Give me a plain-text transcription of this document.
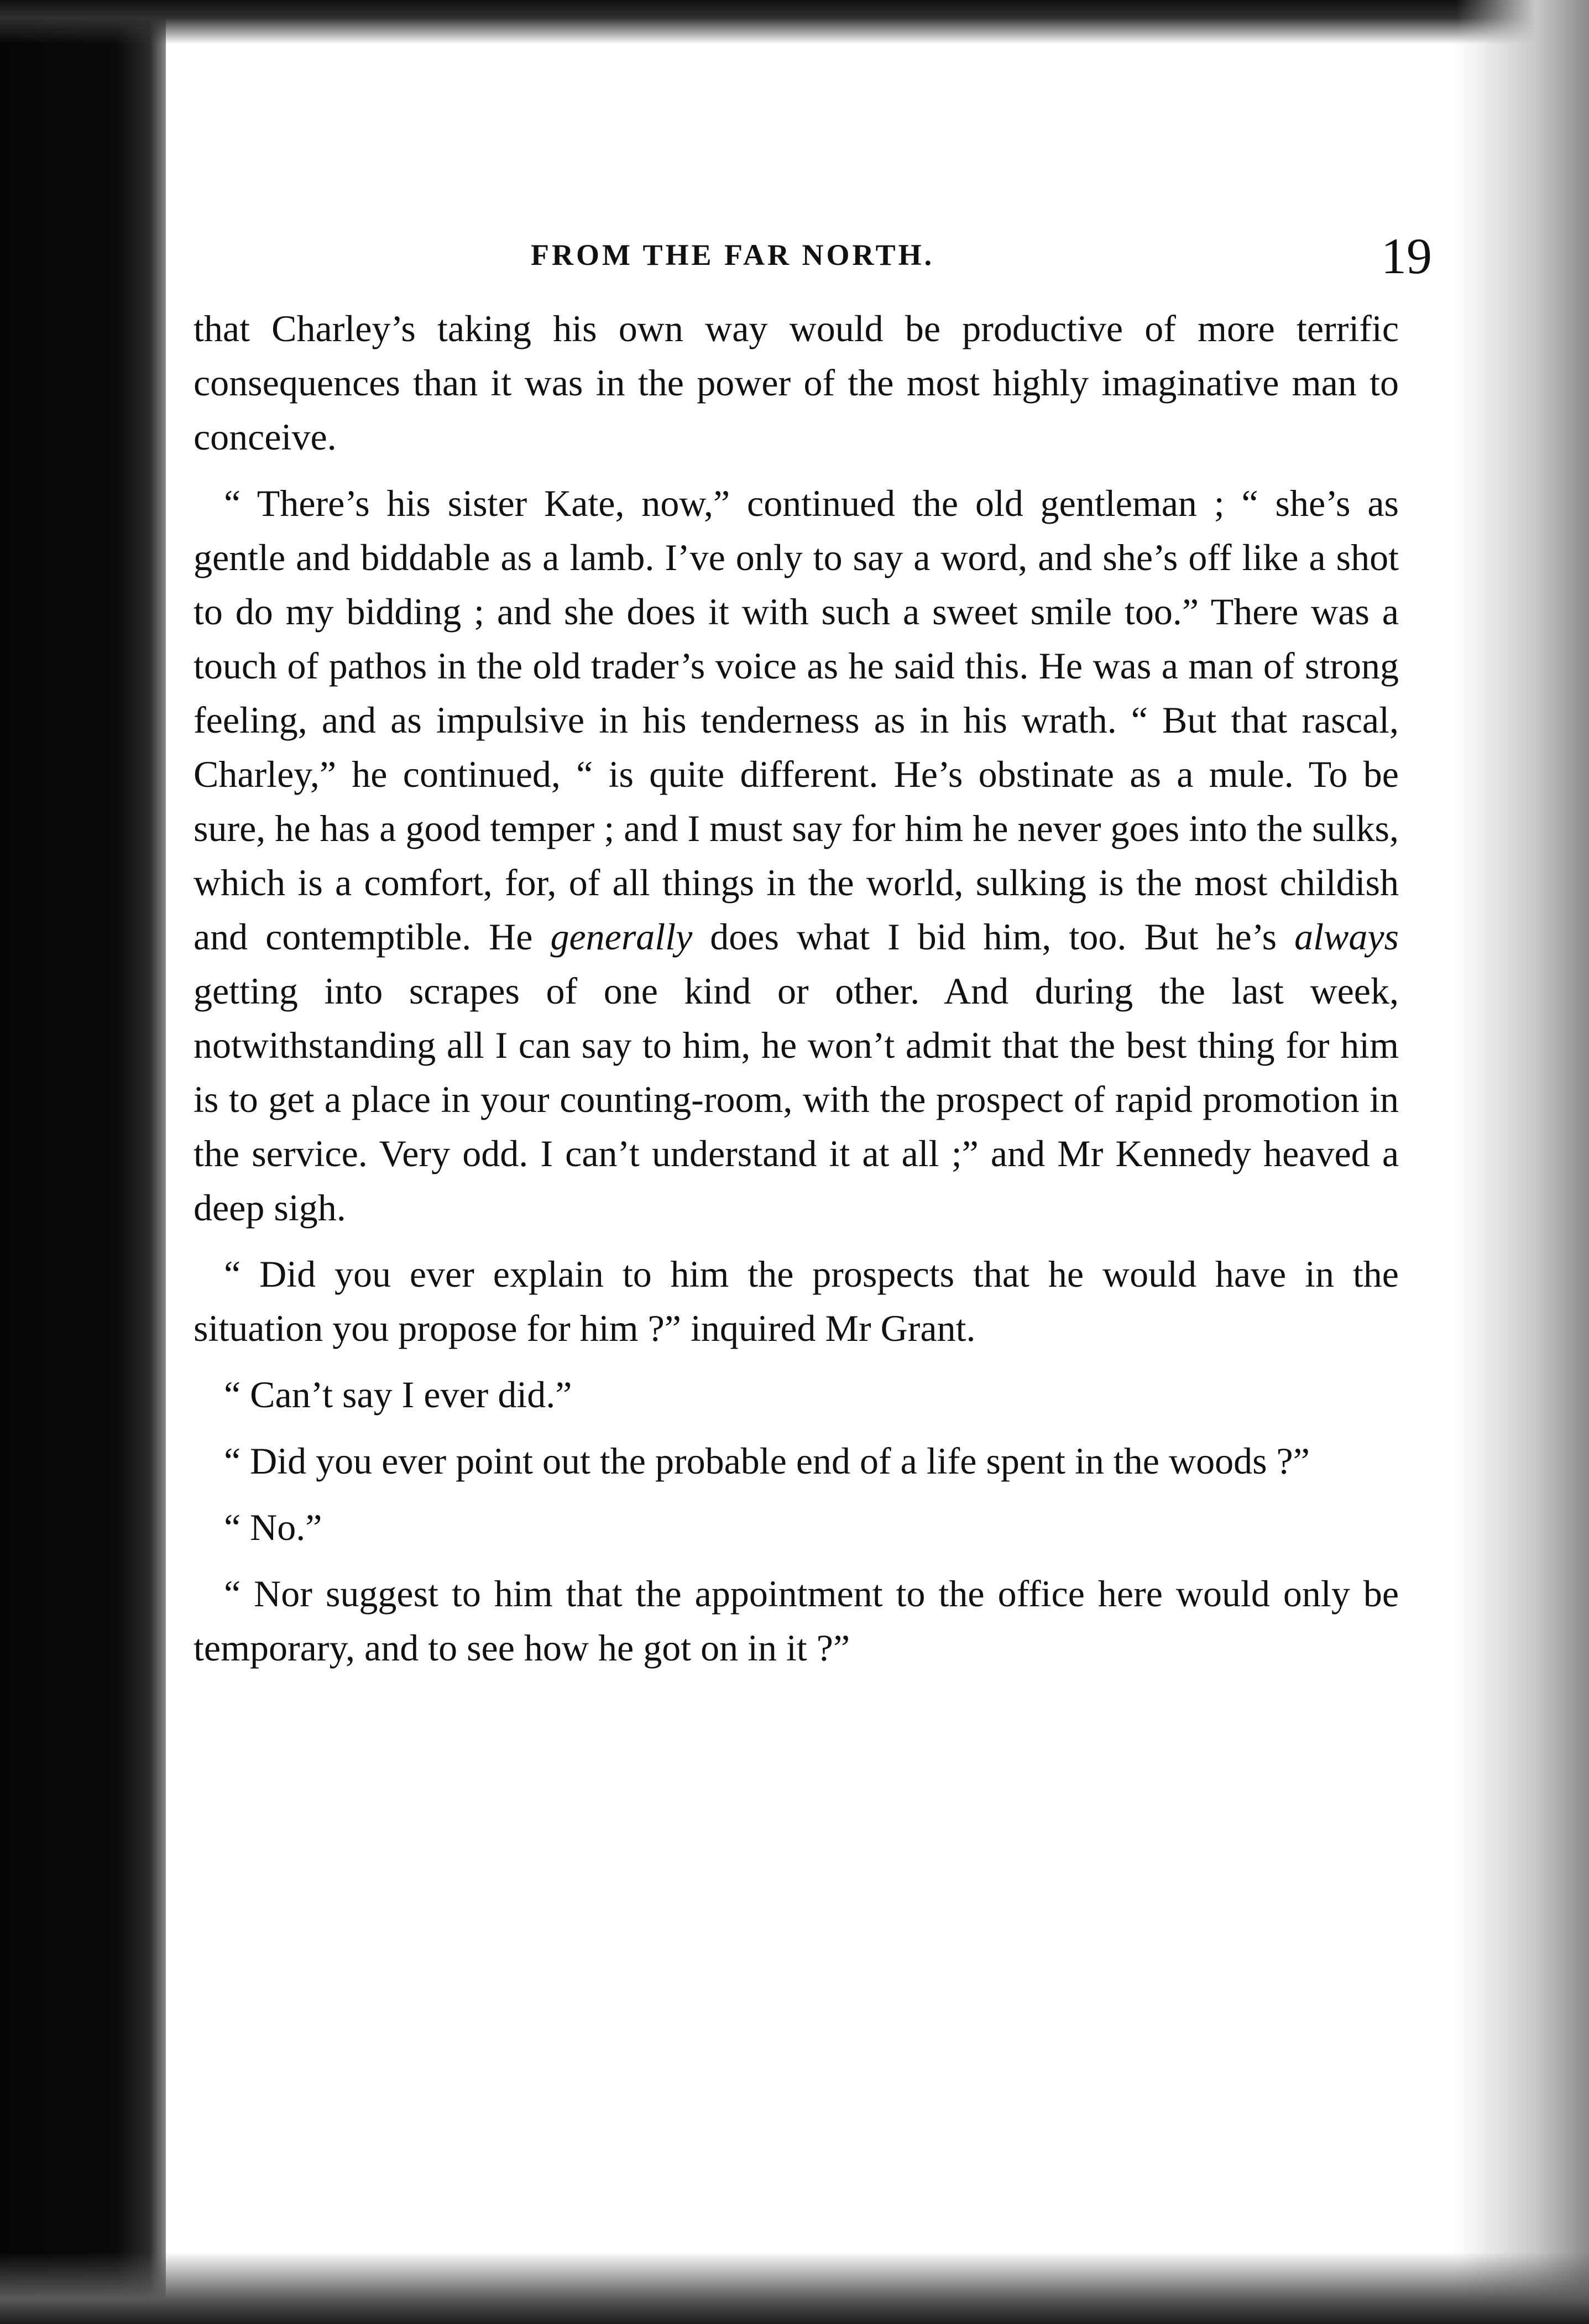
FROM THE FAR NORTH.	19

that Charley’s taking his own way would be productive of more terrific consequences than it was in the power of the most highly imaginative man to conceive.

“ There’s his sister Kate, now,” continued the old gentleman ; “ she’s as gentle and biddable as a lamb. I’ve only to say a word, and she’s off like a shot to do my bidding ; and she does it with such a sweet smile too.” There was a touch of pathos in the old trader’s voice as he said this. He was a man of strong feeling, and as impulsive in his tenderness as in his wrath. “ But that rascal, Charley,” he continued, “ is quite different. He’s obstinate as a mule. To be sure, he has a good temper ; and I must say for him he never goes into the sulks, which is a comfort, for, of all things in the world, sulking is the most childish and contemptible. He generally does what I bid him, too. But he’s always getting into scrapes of one kind or other. And during the last week, notwithstanding all I can say to him, he won’t admit that the best thing for him is to get a place in your counting-room, with the prospect of rapid promotion in the service. Very odd. I can’t understand it at all ;” and Mr Kennedy heaved a deep sigh.

“ Did you ever explain to him the prospects that he would have in the situation you propose for him ?” inquired Mr Grant.

“ Can’t say I ever did.”

“ Did you ever point out the probable end of a life spent in the woods ?”

“ No.”

“ Nor suggest to him that the appointment to the office here would only be temporary, and to see how he got on in it ?”
